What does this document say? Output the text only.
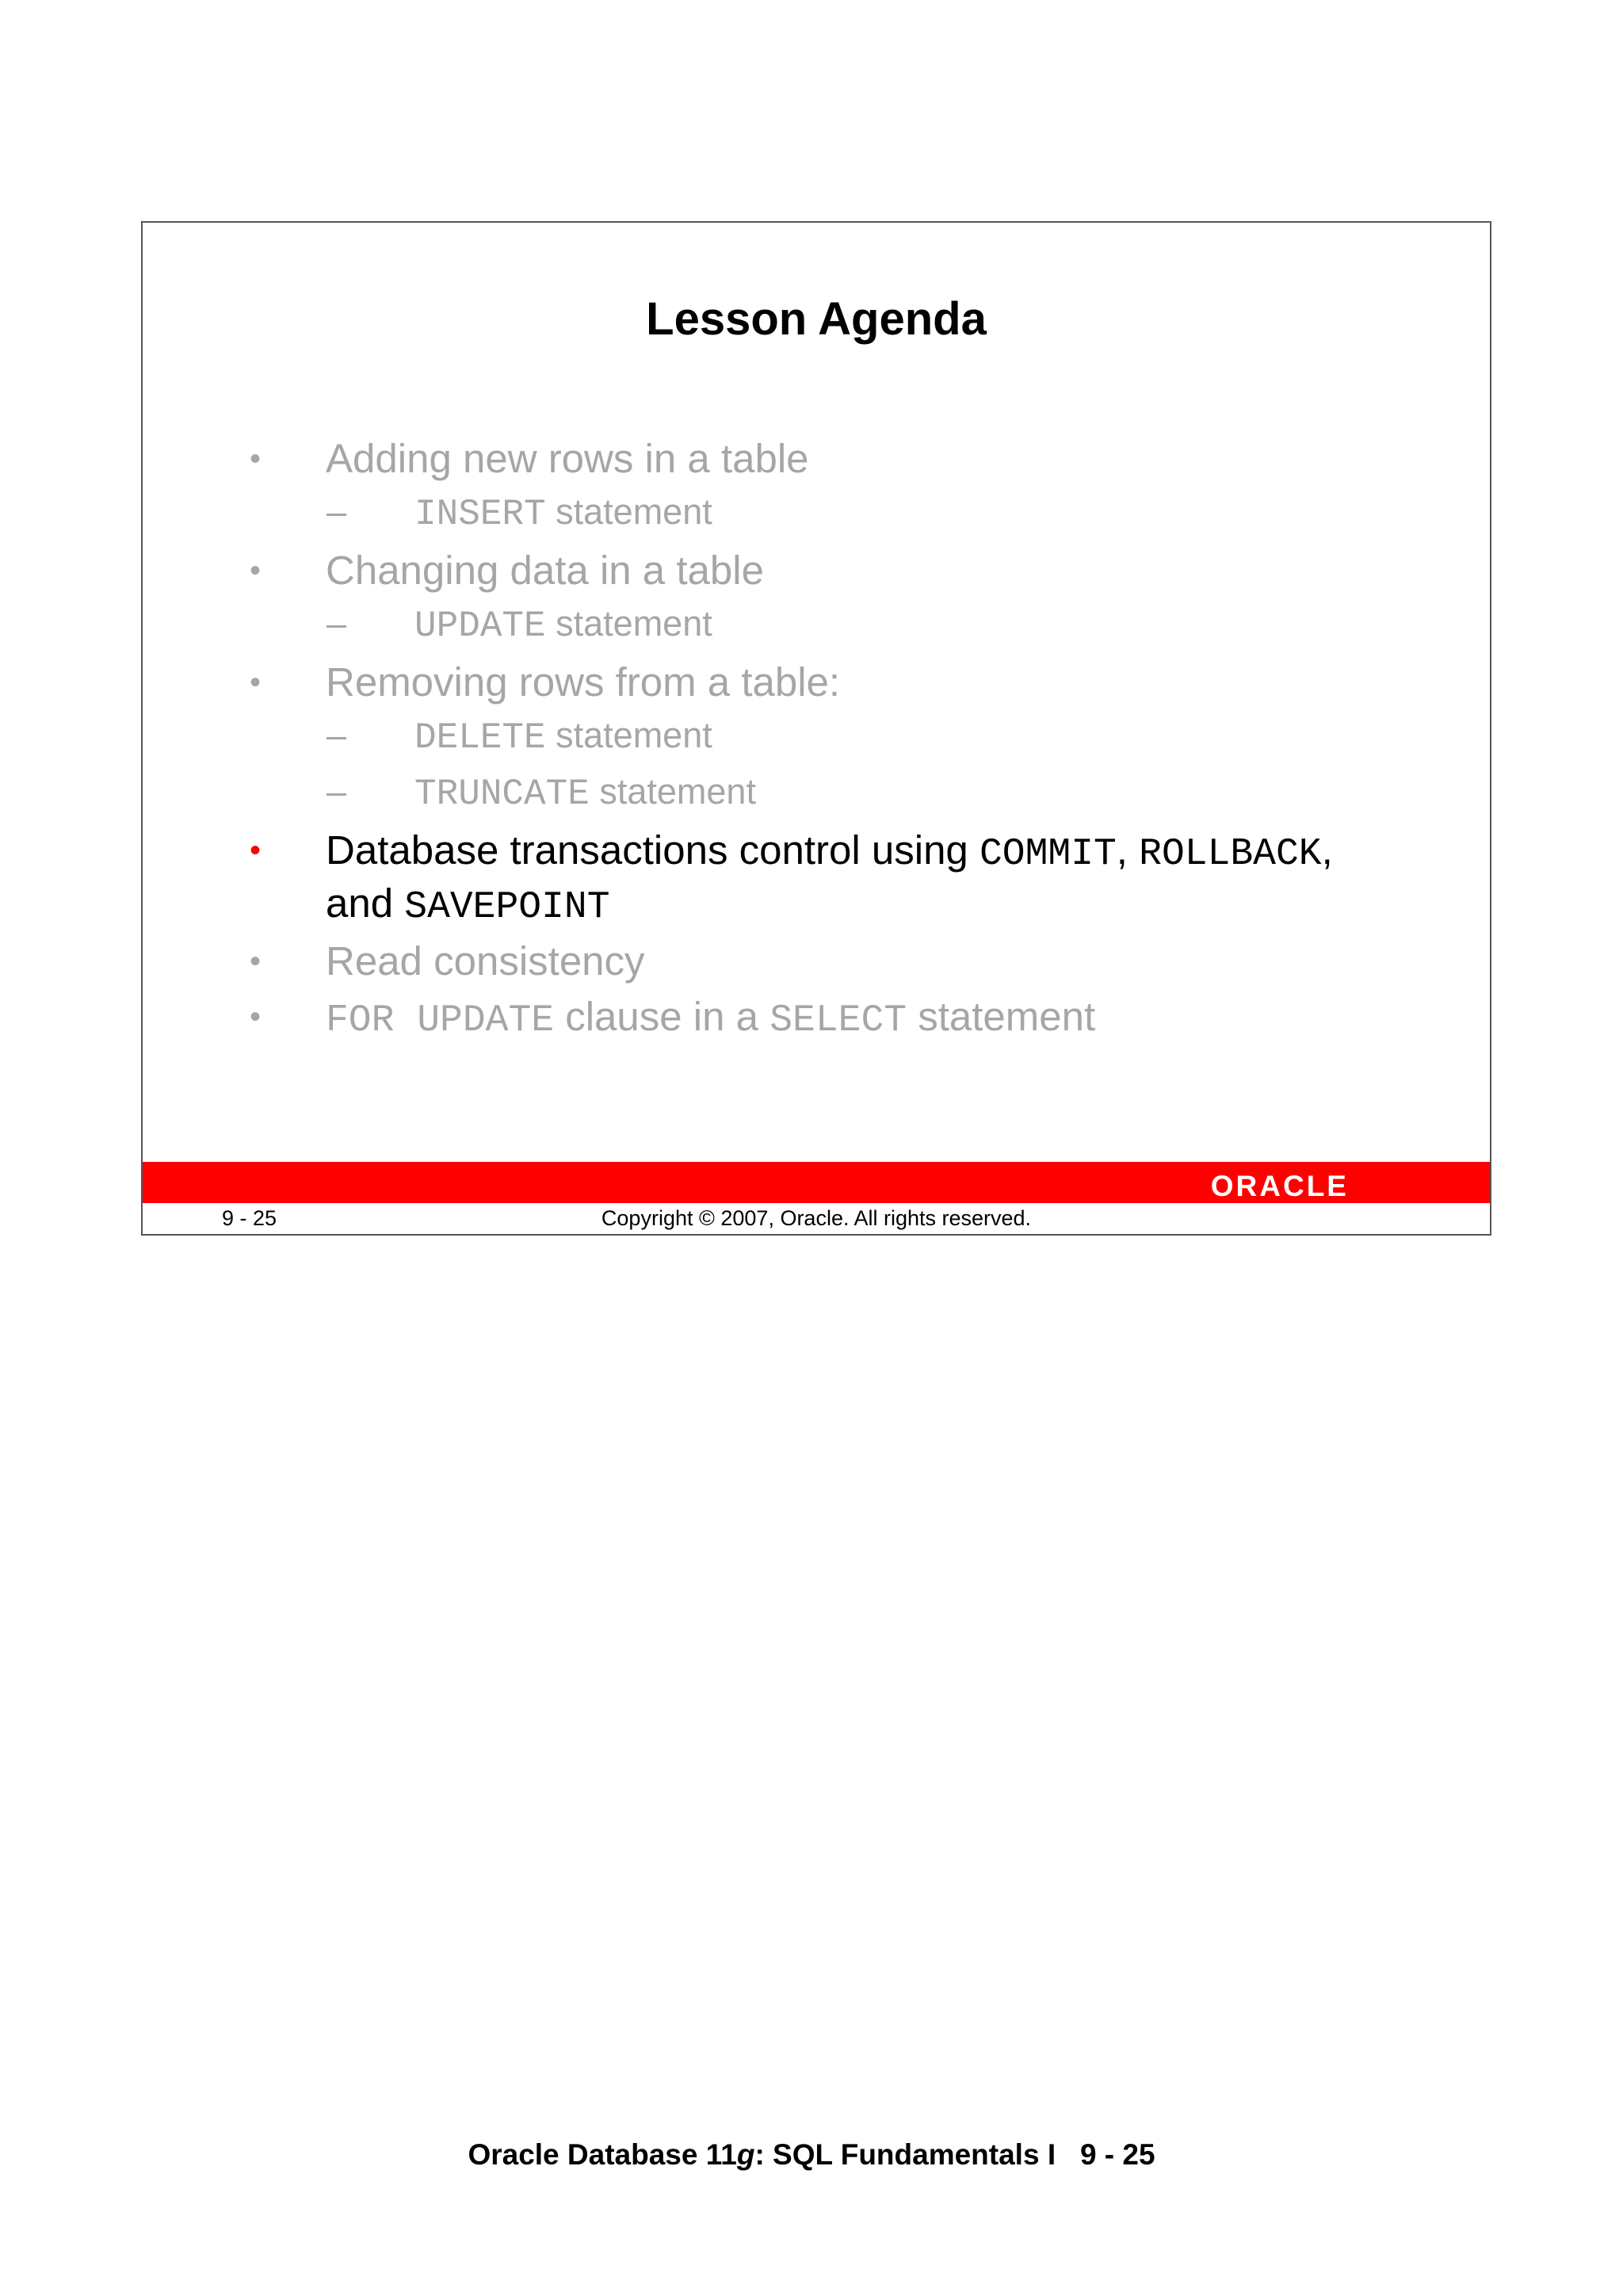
Lesson Agenda
•	Adding new rows in a table
– INSERT statement
•	Changing data in a table
– UPDATE statement
•	Removing rows from a table:
– DELETE statement
– TRUNCATE statement
•	Database transactions control using COMMIT, ROLLBACK,
and SAVEPOINT
•	Read consistency
•	FOR UPDATE clause in a SELECT statement
ORACLE
9 - 25	Copyright © 2007, Oracle. All rights reserved.
Oracle Database 11g: SQL Fundamentals I   9 - 25
